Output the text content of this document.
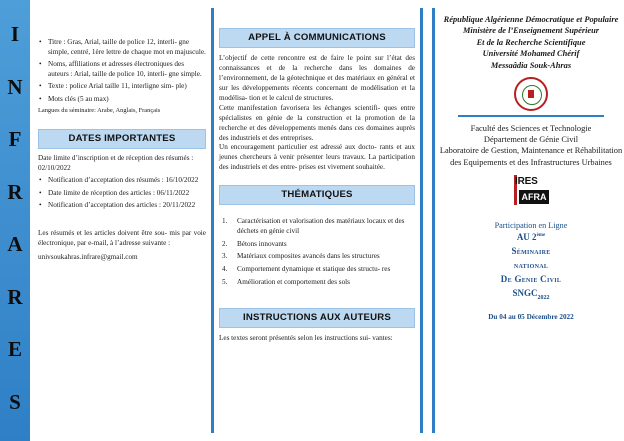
I
N
F
R
A
R
E
S
• Titre : Gras, Arial, taille de police 12, interli- gne simple, centré, 1ère lettre de chaque mot en majuscule.
• Noms, affiliations et adresses électroniques des auteurs : Arial, taille de police 10, interli- gne simple.
• Texte : police Arial taille 11, interligne sim- ple)
• Mots clés (5 au max)
Langues du séminaire: Arabe, Anglais, Français
DATES IMPORTANTES
Date limite d’inscription et de réception des résumés : 02/10/2022
• Notification d’acceptation des résumés : 16/10/2022
• Date limite de réception des articles : 06/11/2022
• Notification d’acceptation des articles : 20/11/2022
Les résumés et les articles doivent être sou- mis par voie électronique, par e-mail, à l’adresse suivante :
univsoukahras.infrare@gmail.com
APPEL À COMMUNICATIONS
L’objectif de cette rencontre est de faire le point sur l’état des connaissances et de la recherche dans les domaines de l’environnement, de la géotechnique et des matériaux en général et sur les développements récents concernant de modélisation et la modélisa- tion et le calcul de structures.
Cette manifestation favorisera les échanges scientifi- ques entre spécialistes en génie de la construction et la promotion de la recherche et des développements menés dans ces domaines auprès des industriels et des entreprises.
Un encouragement particulier est adressé aux docto- rants et aux jeunes chercheurs à venir présenter leurs travaux. La participation des industriels et des entre- prises est vivement souhaitée.
THÉMATIQUES
1. Caractérisation et valorisation des matériaux locaux et des déchets en génie civil
2. Bétons innovants
3. Matériaux composites avancés dans les structures
4. Comportement dynamique et statique des structu- res
5. Amélioration et comportement des sols
INSTRUCTIONS AUX AUTEURS
Les textes seront présentés selon les instructions sui- vantes:
République Algérienne Démocratique et Populaire
Ministère de l’Enseignement Supérieur
Et de la Recherche Scientifique
Université Mohamed Chérif
Messaâdia Souk-Ahras
Faculté des Sciences et Technologie
Département de Génie Civil
Laboratoire de Gestion, Maintenance et Réhabilitation des Equipements et des Infrastructures Urbaines
IRES
AFRA
Participation en Ligne
AU 2ème
Séminaire
national
De Genie Civil
$SNGC_{2022}$
Du 04 au 05 Décembre 2022
